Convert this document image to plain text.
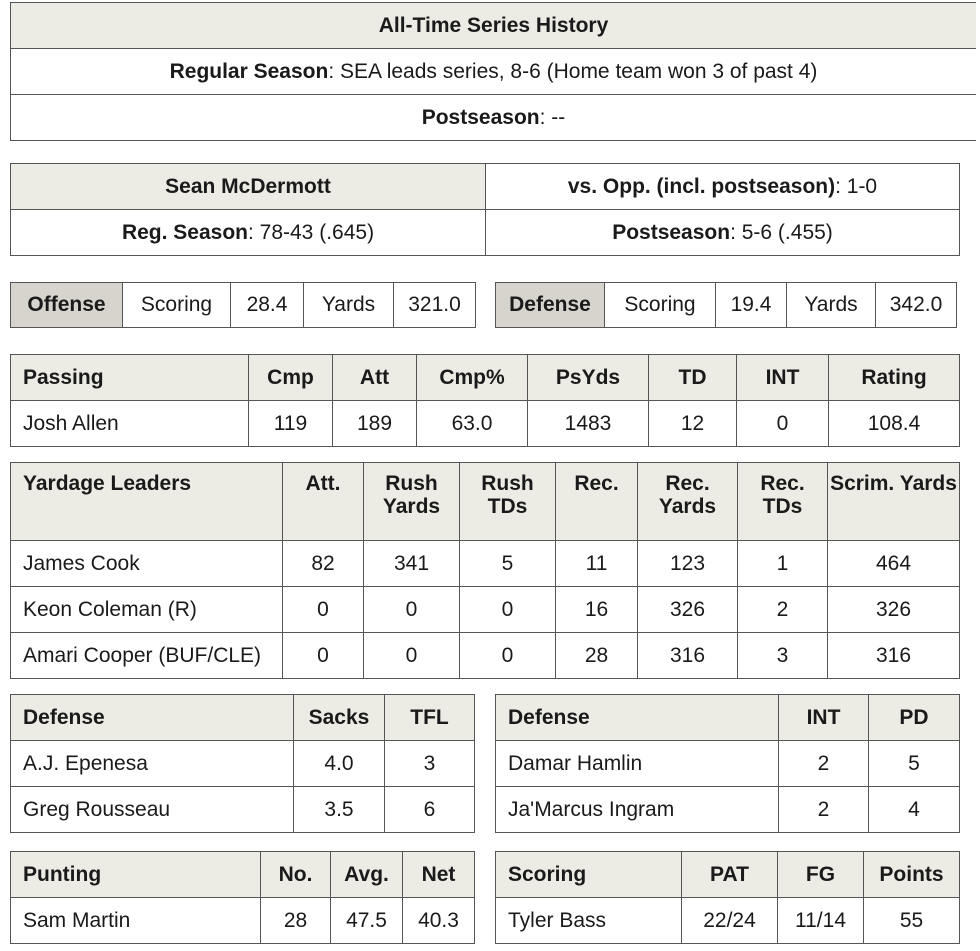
All-Time Series History
Regular Season: SEA leads series, 8-6 (Home team won 3 of past 4)
Postseason: --
Sean McDermott	vs. Opp. (incl. postseason): 1-0
Reg. Season: 78-43 (.645)	Postseason: 5-6 (.455)
Offense	Scoring	28.4	Yards	321.0	Defense	Scoring	19.4	Yards	342.0
Passing	Cmp	Att	Cmp%	PsYds	TD	INT	Rating
Josh Allen	119	189	63.0	1483	12	0	108.4
Yardage Leaders	Att.	Rush Yards	Rush TDs	Rec.	Rec. Yards	Rec. TDs	Scrim. Yards
James Cook	82	341	5	11	123	1	464
Keon Coleman (R)	0	0	0	16	326	2	326
Amari Cooper (BUF/CLE)	0	0	0	28	316	3	316
Defense	Sacks	TFL
A.J. Epenesa	4.0	3
Greg Rousseau	3.5	6
Defense	INT	PD
Damar Hamlin	2	5
Ja'Marcus Ingram	2	4
Punting	No.	Avg.	Net
Sam Martin	28	47.5	40.3
Scoring	PAT	FG	Points
Tyler Bass	22/24	11/14	55
